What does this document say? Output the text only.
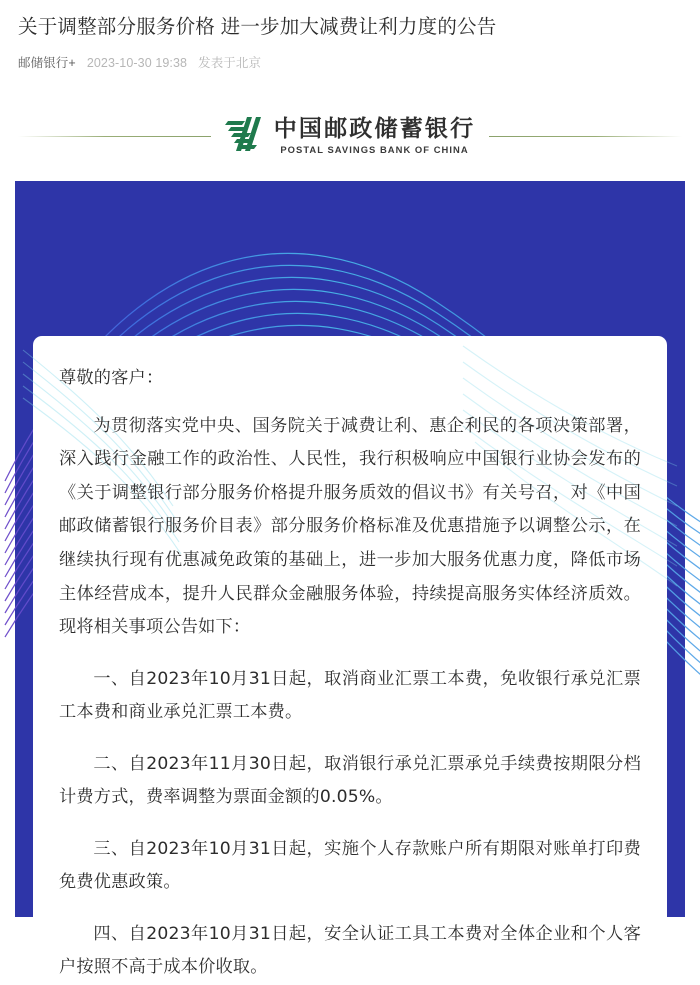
关于调整部分服务价格 进一步加大减费让利力度的公告
邮储银行+ 2023-10-30 19:38 发表于北京
中国邮政储蓄银行
POSTAL SAVINGS BANK OF CHINA

尊敬的客户：

为贯彻落实党中央、国务院关于减费让利、惠企利民的各项决策部署，深入践行金融工作的政治性、人民性，我行积极响应中国银行业协会发布的《关于调整银行部分服务价格提升服务质效的倡议书》有关号召，对《中国邮政储蓄银行服务价目表》部分服务价格标准及优惠措施予以调整公示，在继续执行现有优惠减免政策的基础上，进一步加大服务优惠力度，降低市场主体经营成本，提升人民群众金融服务体验，持续提高服务实体经济质效。现将相关事项公告如下：

一、自2023年10月31日起，取消商业汇票工本费，免收银行承兑汇票工本费和商业承兑汇票工本费。

二、自2023年11月30日起，取消银行承兑汇票承兑手续费按期限分档计费方式，费率调整为票面金额的0.05%。

三、自2023年10月31日起，实施个人存款账户所有期限对账单打印费免费优惠政策。

四、自2023年10月31日起，安全认证工具工本费对全体企业和个人客户按照不高于成本价收取。
